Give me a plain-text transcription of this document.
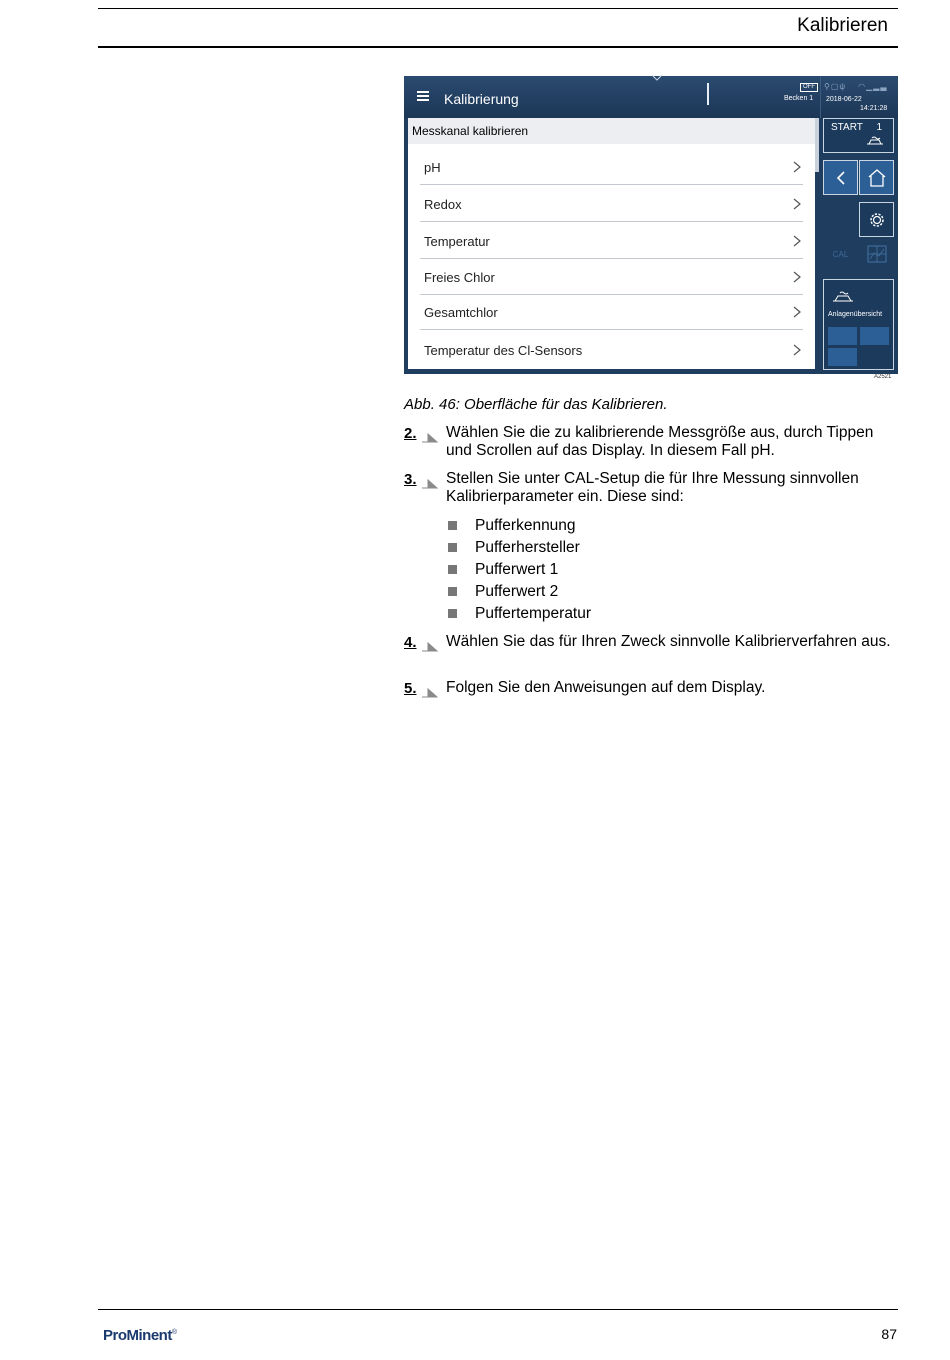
Kalibrieren
Kalibrierung
OFF
Becken 1
⚲▢ψ ◠▁▂▃
2018-06-22
14:21:28
Messkanal kalibrieren
pH
Redox
Temperatur
Freies Chlor
Gesamtchlor
Temperatur des Cl-Sensors
START 1
CAL
Anlagenübersicht
A2521
Abb. 46: Oberfläche für das Kalibrieren.
2. Wählen Sie die zu kalibrierende Messgröße aus, durch Tippen und Scrollen auf das Display. In diesem Fall pH.
3. Stellen Sie unter CAL-Setup die für Ihre Messung sinnvollen Kalibrierparameter ein. Diese sind:
Pufferkennung
Pufferhersteller
Pufferwert 1
Pufferwert 2
Puffertemperatur
4. Wählen Sie das für Ihren Zweck sinnvolle Kalibrierverfahren aus.
5. Folgen Sie den Anweisungen auf dem Display.
ProMinent®	87
